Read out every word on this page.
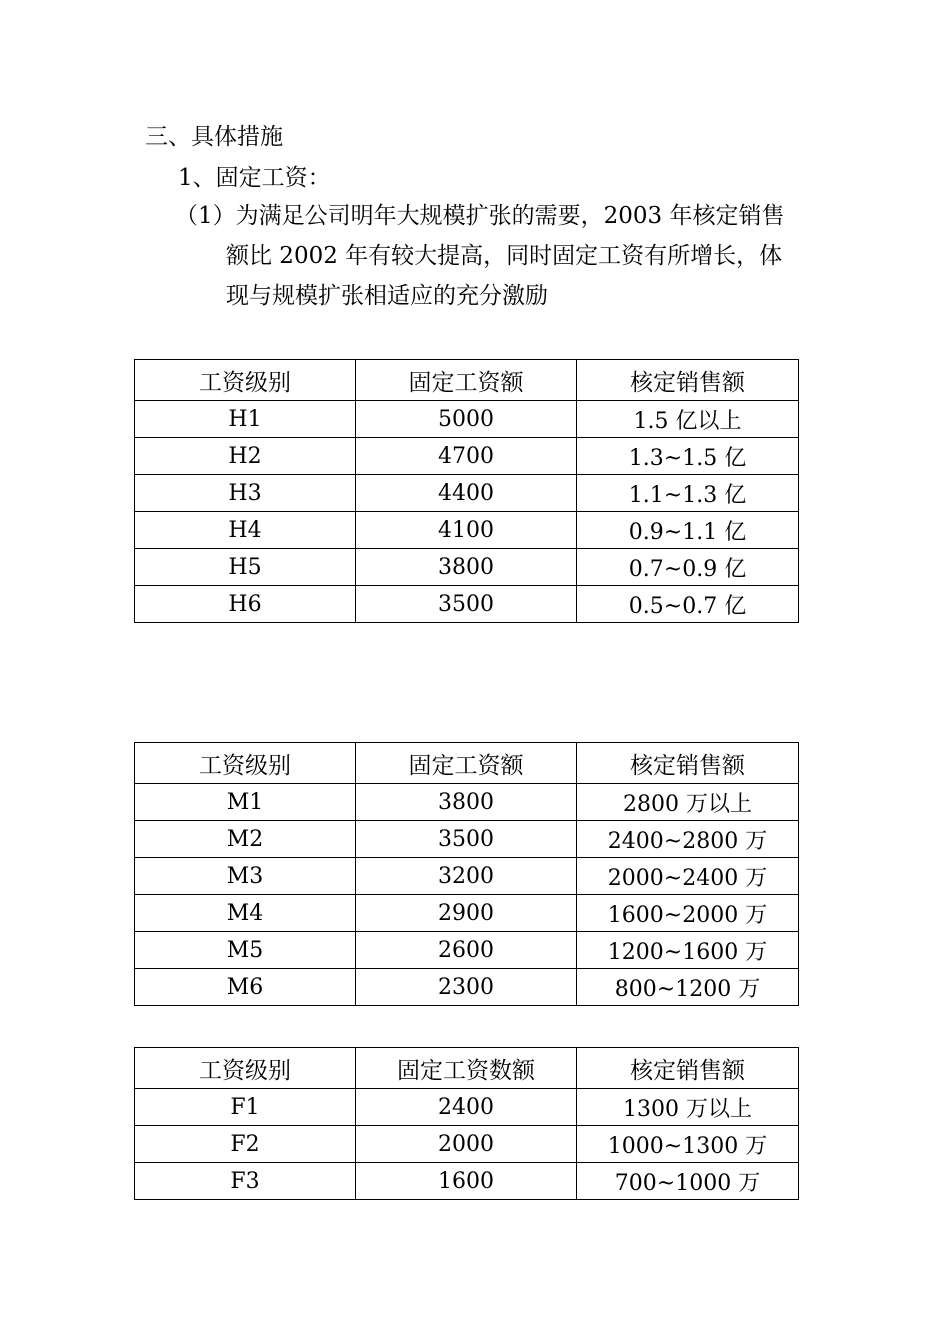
三、具体措施
1、固定工资：
（1）为满足公司明年大规模扩张的需要，2003 年核定销售
额比 2002 年有较大提高，同时固定工资有所增长，体
现与规模扩张相适应的充分激励
工资级别	固定工资额	核定销售额
H1	5000	1.5 亿以上
H2	4700	1.3~1.5 亿
H3	4400	1.1~1.3 亿
H4	4100	0.9~1.1 亿
H5	3800	0.7~0.9 亿
H6	3500	0.5~0.7 亿
工资级别	固定工资额	核定销售额
M1	3800	2800 万以上
M2	3500	2400~2800 万
M3	3200	2000~2400 万
M4	2900	1600~2000 万
M5	2600	1200~1600 万
M6	2300	800~1200 万
工资级别	固定工资数额	核定销售额
F1	2400	1300 万以上
F2	2000	1000~1300 万
F3	1600	700~1000 万
